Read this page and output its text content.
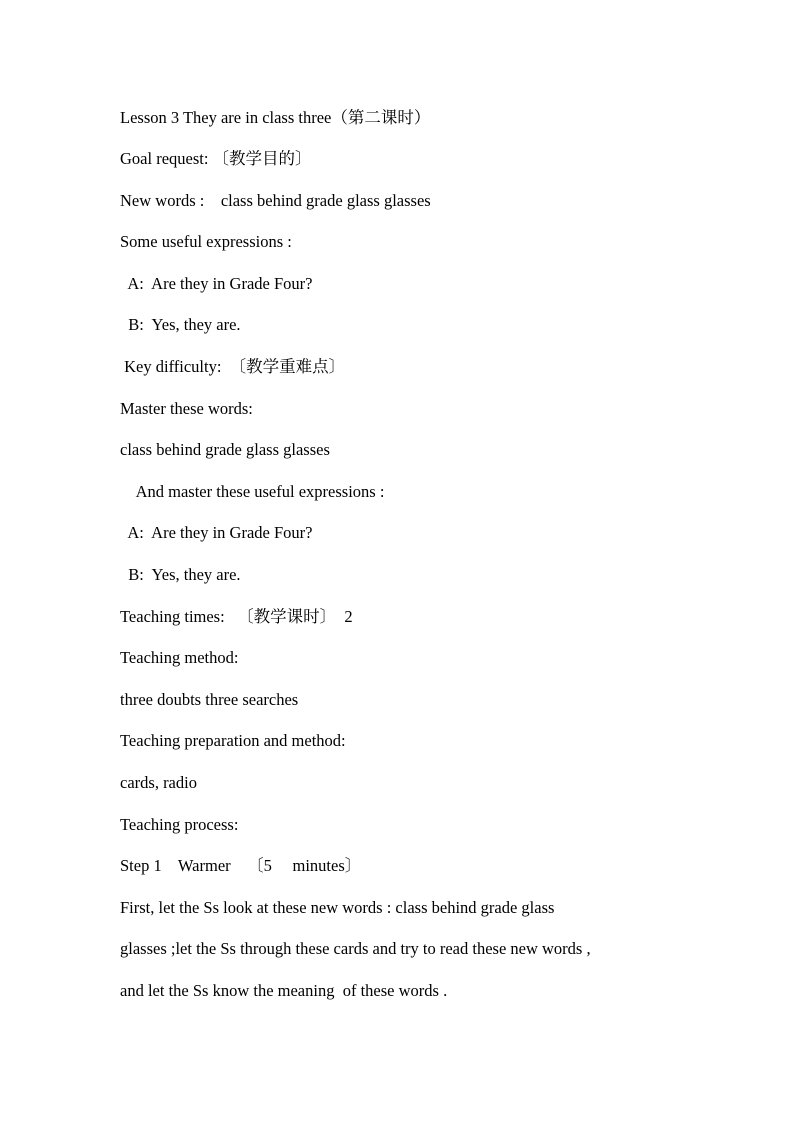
Lesson 3 They are in class three（第二课时）
Goal request: 〔教学目的〕
New words :    class behind grade glass glasses
Some useful expressions :
A:  Are they in Grade Four?
B:  Yes, they are.
Key difficulty:  〔教学重难点〕
Master these words:
class behind grade glass glasses
And master these useful expressions :
A:  Are they in Grade Four?
B:  Yes, they are.
Teaching times:   〔教学课时〕  2
Teaching method:
three doubts three searches
Teaching preparation and method:
cards, radio
Teaching process:
Step 1    Warmer    〔5     minutes〕
First, let the Ss look at these new words : class behind grade glass
glasses ;let the Ss through these cards and try to read these new words ,
and let the Ss know the meaning  of these words .
